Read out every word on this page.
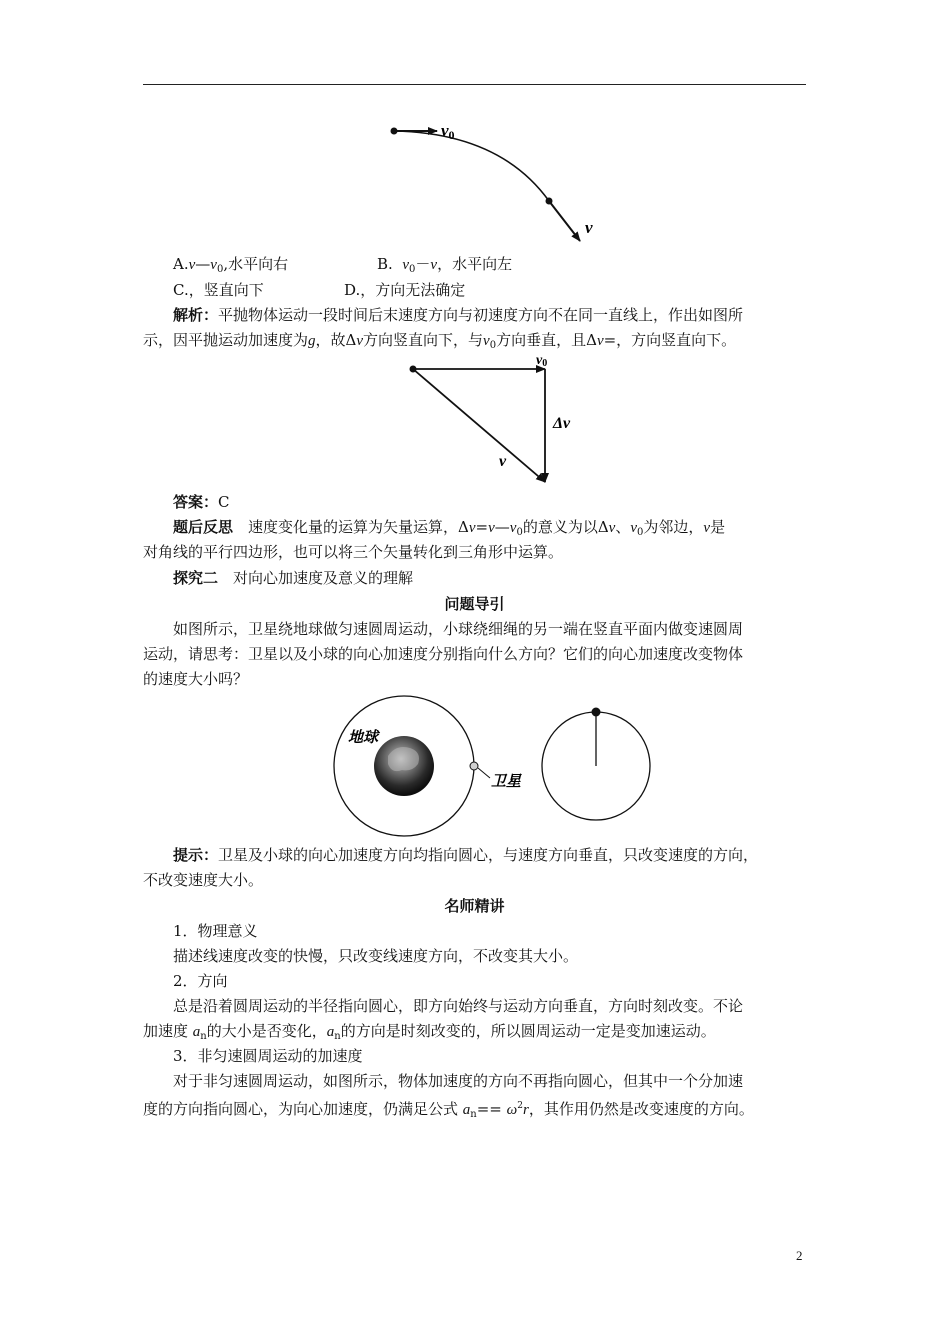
v0
v
$A.v—v_0$,水平向右	B. $v_0-v$，水平向左
C.，竖直向下	D.，方向无法确定
解析：平抛物体运动一段时间后末速度方向与初速度方向不在同一直线上，作出如图所
示，因平抛运动加速度为g，故Δv方向竖直向下，与$v_0$方向垂直，且Δv=，方向竖直向下。
v0
Δv
v
答案：C
题后反思　速度变化量的运算为矢量运算，$\Delta v=v—v_0$的意义为以Δv、$v_0$为邻边，v是
对角线的平行四边形，也可以将三个矢量转化到三角形中运算。
探究二　对向心加速度及意义的理解
问题导引
如图所示，卫星绕地球做匀速圆周运动，小球绕细绳的另一端在竖直平面内做变速圆周
运动，请思考：卫星以及小球的向心加速度分别指向什么方向？它们的向心加速度改变物体
的速度大小吗？
地球
卫星
提示：卫星及小球的向心加速度方向均指向圆心，与速度方向垂直，只改变速度的方向，
不改变速度大小。
名师精讲
1．物理意义
描述线速度改变的快慢，只改变线速度方向，不改变其大小。
2．方向
总是沿着圆周运动的半径指向圆心，即方向始终与运动方向垂直，方向时刻改变。不论
加速度 $a_n$的大小是否变化，$a_n$的方向是时刻改变的，所以圆周运动一定是变加速运动。
3．非匀速圆周运动的加速度
对于非匀速圆周运动，如图所示，物体加速度的方向不再指向圆心，但其中一个分加速
度的方向指向圆心，为向心加速度，仍满足公式 $a_n== \omega^2r$，其作用仍然是改变速度的方向。
2
